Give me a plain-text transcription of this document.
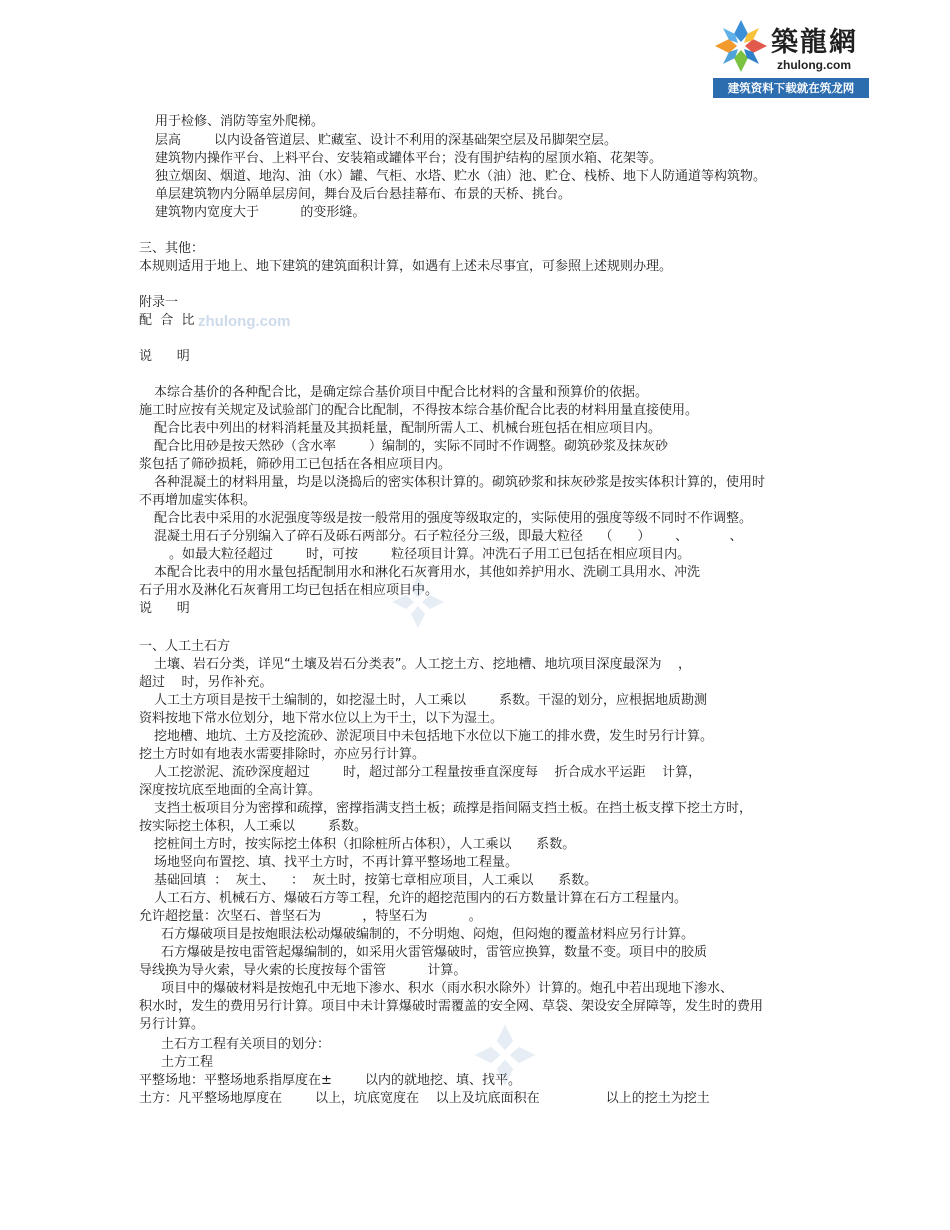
築龍網
zhulong.com
建筑资料下载就在筑龙网
zhulong.com
用于检修、消防等室外爬梯。
层高        以内设备管道层、贮藏室、设计不利用的深基础架空层及吊脚架空层。
建筑物内操作平台、上料平台、安装箱或罐体平台；没有围护结构的屋顶水箱、花架等。
独立烟囱、烟道、地沟、油（水）罐、气柜、水塔、贮水（油）池、贮仓、栈桥、地下人防通道等构筑物。
单层建筑物内分隔单层房间，舞台及后台悬挂幕布、布景的天桥、挑台。
建筑物内宽度大于          的变形缝。
三、其他：
本规则适用于地上、地下建筑的建筑面积计算，如遇有上述未尽事宜，可参照上述规则办理。
附录一
配  合  比
说      明
本综合基价的各种配合比，是确定综合基价项目中配合比材料的含量和预算价的依据。
施工时应按有关规定及试验部门的配合比配制，不得按本综合基价配合比表的材料用量直接使用。
配合比表中列出的材料消耗量及其损耗量，配制所需人工、机械台班包括在相应项目内。
配合比用砂是按天然砂（含水率        ）编制的，实际不同时不作调整。砌筑砂浆及抹灰砂
浆包括了筛砂损耗，筛砂用工已包括在各相应项目内。
各种混凝土的材料用量，均是以浇捣后的密实体积计算的。砌筑砂浆和抹灰砂浆是按实体积计算的，使用时
不再增加虚实体积。
配合比表中采用的水泥强度等级是按一般常用的强度等级取定的，实际使用的强度等级不同时不作调整。
混凝土用石子分别编入了碎石及砾石两部分。石子粒径分三级，即最大粒径    （      ）      、          、
。如最大粒径超过        时，可按        粒径项目计算。冲洗石子用工已包括在相应项目内。
本配合比表中的用水量包括配制用水和淋化石灰膏用水，其他如养护用水、洗刷工具用水、冲洗
石子用水及淋化石灰膏用工均已包括在相应项目中。
说      明
一、人工土石方
土壤、岩石分类，详见“土壤及岩石分类表”。人工挖土方、挖地槽、地坑项目深度最深为    ，
超过    时，另作补充。
人工土方项目是按干土编制的，如挖湿土时，人工乘以        系数。干湿的划分，应根据地质勘测
资料按地下常水位划分，地下常水位以上为干土，以下为湿土。
挖地槽、地坑、土方及挖流砂、淤泥项目中未包括地下水位以下施工的排水费，发生时另行计算。
挖土方时如有地表水需要排除时，亦应另行计算。
人工挖淤泥、流砂深度超过        时，超过部分工程量按垂直深度每    折合成水平运距    计算，
深度按坑底至地面的全高计算。
支挡土板项目分为密撑和疏撑，密撑指满支挡土板；疏撑是指间隔支挡土板。在挡土板支撑下挖土方时，
按实际挖土体积，人工乘以        系数。
挖桩间土方时，按实际挖土体积（扣除桩所占体积），人工乘以      系数。
场地竖向布置挖、填、找平土方时，不再计算平整场地工程量。
基础回填  ：  灰土、    ：  灰土时，按第七章相应项目，人工乘以      系数。
人工石方、机械石方、爆破石方等工程，允许的超挖范围内的石方数量计算在石方工程量内。
允许超挖量：次坚石、普坚石为          ，特坚石为          。
石方爆破项目是按炮眼法松动爆破编制的，不分明炮、闷炮，但闷炮的覆盖材料应另行计算。
石方爆破是按电雷管起爆编制的，如采用火雷管爆破时，雷管应换算，数量不变。项目中的胶质
导线换为导火索，导火索的长度按每个雷管          计算。
项目中的爆破材料是按炮孔中无地下渗水、积水（雨水积水除外）计算的。炮孔中若出现地下渗水、
积水时，发生的费用另行计算。项目中未计算爆破时需覆盖的安全网、草袋、架设安全屏障等，发生时的费用
另行计算。
土石方工程有关项目的划分：
土方工程
平整场地：平整场地系指厚度在±        以内的就地挖、填、找平。
土方：凡平整场地厚度在        以上，坑底宽度在    以上及坑底面积在                以上的挖土为挖土
